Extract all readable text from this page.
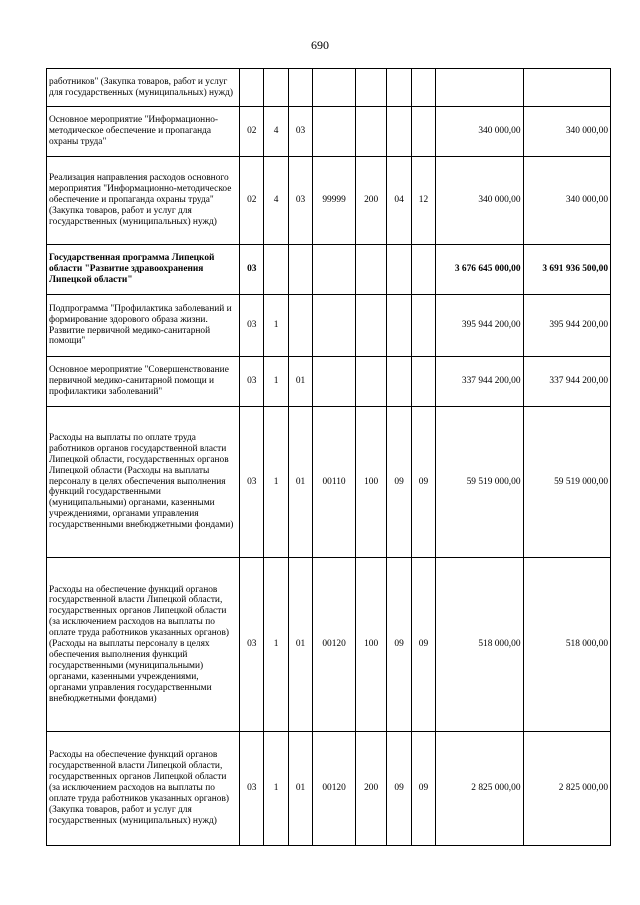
690
работников" (Закупка товаров, работ и услуг для государственных (муниципальных) нужд)									
Основное мероприятие "Информационно-методическое обеспечение и пропаганда охраны труда"	02	4	03					340 000,00	340 000,00
Реализация направления расходов основного мероприятия "Информационно-методическое обеспечение и пропаганда охраны труда" (Закупка товаров, работ и услуг для государственных (муниципальных) нужд)	02	4	03	99999	200	04	12	340 000,00	340 000,00
Государственная программа Липецкой области "Развитие здравоохранения Липецкой области"	03							3 676 645 000,00	3 691 936 500,00
Подпрограмма "Профилактика заболеваний и формирование здорового образа жизни. Развитие первичной медико-санитарной помощи"	03	1						395 944 200,00	395 944 200,00
Основное мероприятие "Совершенствование первичной медико-санитарной помощи и профилактики заболеваний"	03	1	01					337 944 200,00	337 944 200,00
Расходы на выплаты по оплате труда работников органов государственной власти Липецкой области, государственных органов Липецкой области (Расходы на выплаты персоналу в целях обеспечения выполнения функций государственными (муниципальными) органами, казенными учреждениями, органами управления государственными внебюджетными фондами)	03	1	01	00110	100	09	09	59 519 000,00	59 519 000,00
Расходы на обеспечение функций органов государственной власти Липецкой области, государственных органов Липецкой области (за исключением расходов на выплаты по оплате труда работников указанных органов) (Расходы на выплаты персоналу в целях обеспечения выполнения функций государственными (муниципальными) органами, казенными учреждениями, органами управления государственными внебюджетными фондами)	03	1	01	00120	100	09	09	518 000,00	518 000,00
Расходы на обеспечение функций органов государственной власти Липецкой области, государственных органов Липецкой области (за исключением расходов на выплаты по оплате труда работников указанных органов) (Закупка товаров, работ и услуг для государственных (муниципальных) нужд)	03	1	01	00120	200	09	09	2 825 000,00	2 825 000,00
